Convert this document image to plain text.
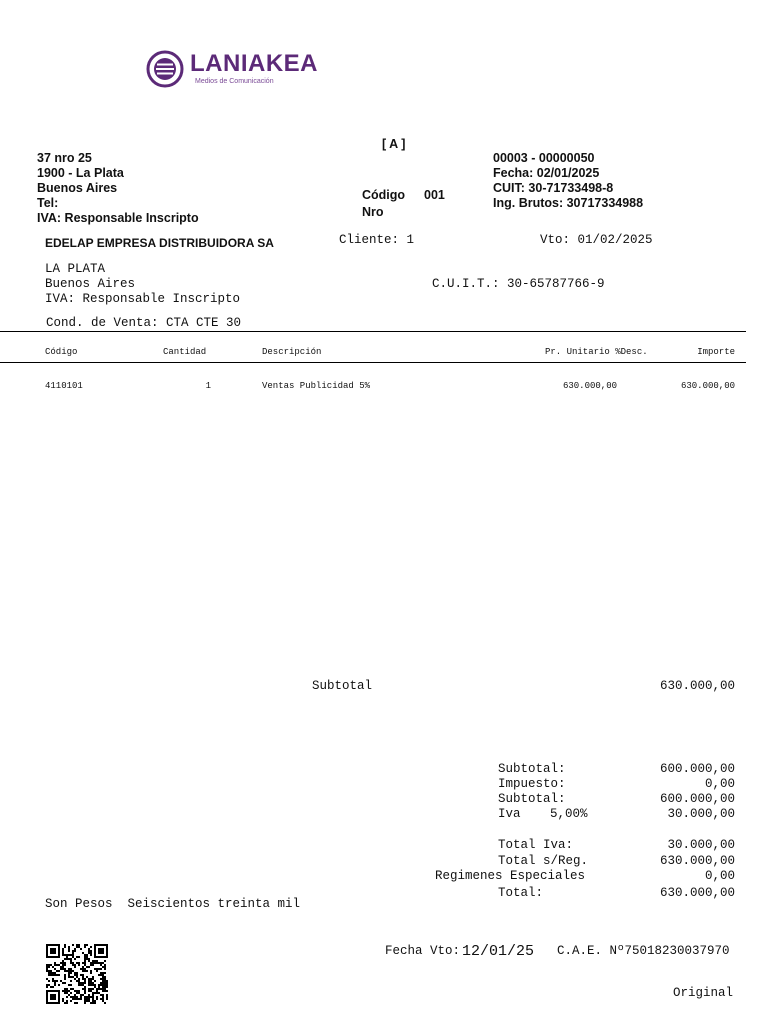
LANIAKEA
Medios de Comunicación
[ A ]
37 nro 25
1900 - La Plata
Buenos Aires
Tel:
IVA: Responsable Inscripto
Código 001
Nro
00003 - 00000050
Fecha: 02/01/2025
CUIT: 30-71733498-8
Ing. Brutos: 30717334988
EDELAP EMPRESA DISTRIBUIDORA SA	Cliente: 1	Vto: 01/02/2025
LA PLATA
Buenos Aires	C.U.I.T.: 30-65787766-9
IVA: Responsable Inscripto
Cond. de Venta: CTA CTE 30
Código	Cantidad	Descripción	Pr. Unitario %Desc.	Importe
4110101	1	Ventas Publicidad 5%	630.000,00	630.000,00
Subtotal	630.000,00
Subtotal:	600.000,00
Impuesto:	0,00
Subtotal:	600.000,00
Iva 5,00%	30.000,00
Total Iva:	30.000,00
Total s/Reg.	630.000,00
Regimenes Especiales	0,00
Total:	630.000,00
Son Pesos  Seiscientos treinta mil
Fecha Vto: 12/01/25 C.A.E. Nº75018230037970
Original
